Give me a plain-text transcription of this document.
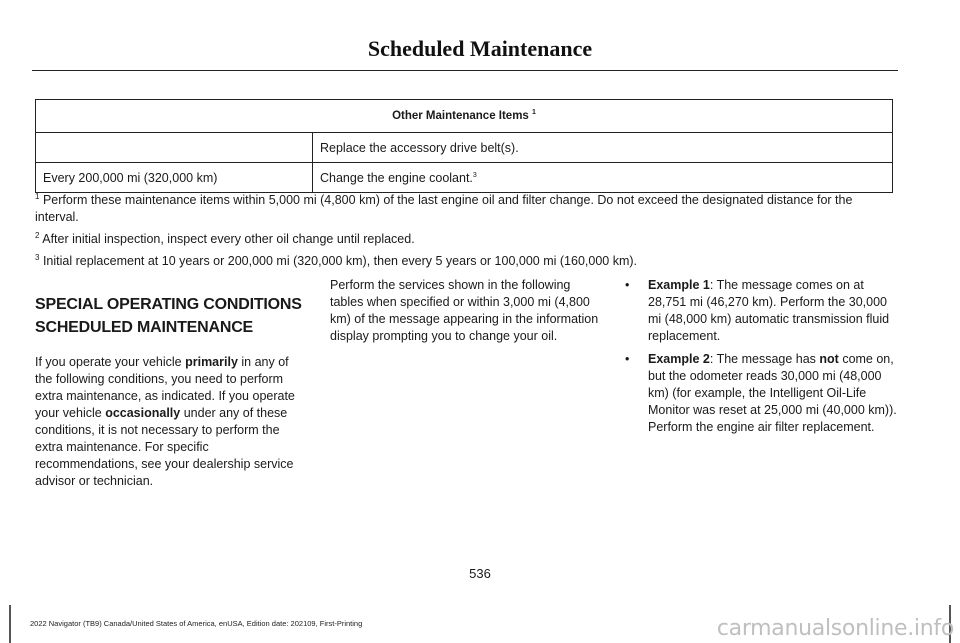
Scheduled Maintenance
Other Maintenance Items $^1$
	Replace the accessory drive belt(s).
Every 200,000 mi (320,000 km)	Change the engine coolant.$^3$

$^1$ Perform these maintenance items within 5,000 mi (4,800 km) of the last engine oil and filter change. Do not exceed the designated distance for the interval.

$^2$ After initial inspection, inspect every other oil change until replaced.

$^3$ Initial replacement at 10 years or 200,000 mi (320,000 km), then every 5 years or 100,000 mi (160,000 km).

SPECIAL OPERATING CONDITIONS
SCHEDULED MAINTENANCE

If you operate your vehicle primarily in any of the following conditions, you need to perform extra maintenance, as indicated. If you operate your vehicle occasionally under any of these conditions, it is not necessary to perform the extra maintenance. For specific recommendations, see your dealership service advisor or technician.

Perform the services shown in the following tables when specified or within 3,000 mi (4,800 km) of the message appearing in the information display prompting you to change your oil.

• Example 1: The message comes on at 28,751 mi (46,270 km). Perform the 30,000 mi (48,000 km) automatic transmission fluid replacement.
• Example 2: The message has not come on, but the odometer reads 30,000 mi (48,000 km) (for example, the Intelligent Oil-Life Monitor was reset at 25,000 mi (40,000 km)). Perform the engine air filter replacement.
536
2022 Navigator (TB9) Canada/United States of America, enUSA, Edition date: 202109, First-Printing	carmanualsonline.info
